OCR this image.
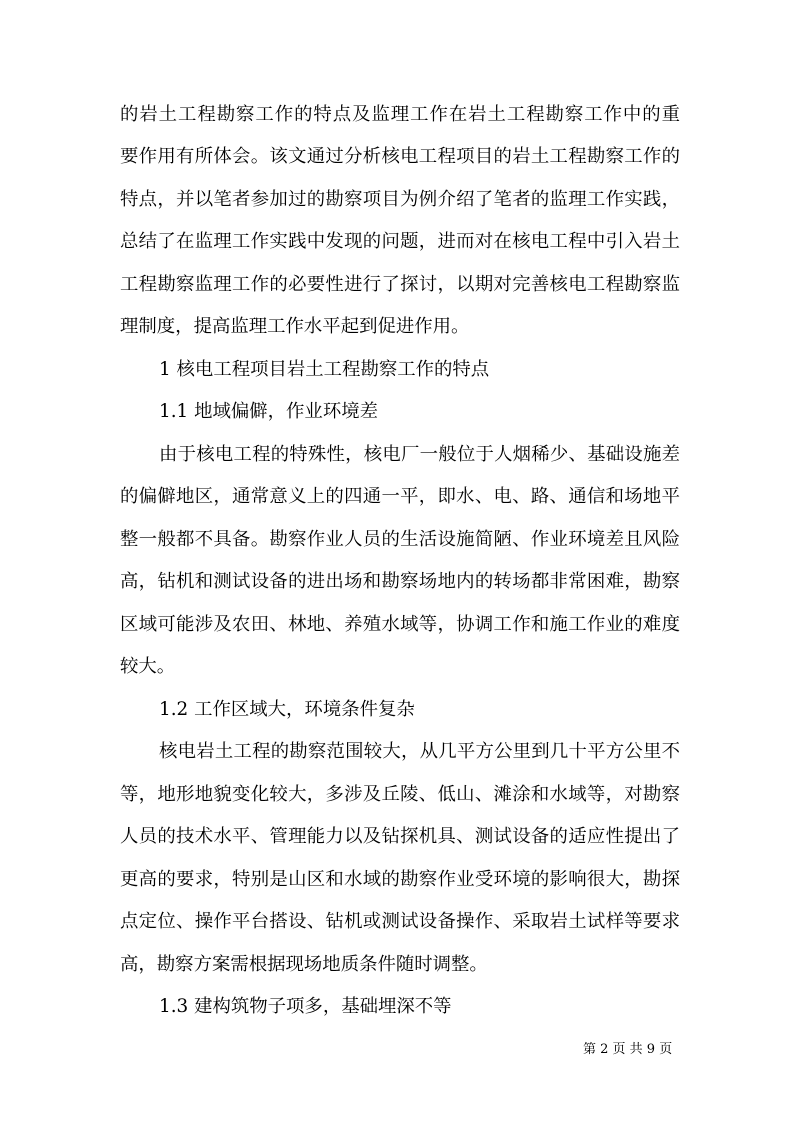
的岩土工程勘察工作的特点及监理工作在岩土工程勘察工作中的重
要作用有所体会。该文通过分析核电工程项目的岩土工程勘察工作的
特点，并以笔者参加过的勘察项目为例介绍了笔者的监理工作实践，
总结了在监理工作实践中发现的问题，进而对在核电工程中引入岩土
工程勘察监理工作的必要性进行了探讨，以期对完善核电工程勘察监
理制度，提高监理工作水平起到促进作用。
1 核电工程项目岩土工程勘察工作的特点
1.1 地域偏僻，作业环境差
由于核电工程的特殊性，核电厂一般位于人烟稀少、基础设施差
的偏僻地区，通常意义上的四通一平，即水、电、路、通信和场地平
整一般都不具备。勘察作业人员的生活设施简陋、作业环境差且风险
高，钻机和测试设备的进出场和勘察场地内的转场都非常困难，勘察
区域可能涉及农田、林地、养殖水域等，协调工作和施工作业的难度
较大。
1.2 工作区域大，环境条件复杂
核电岩土工程的勘察范围较大，从几平方公里到几十平方公里不
等，地形地貌变化较大，多涉及丘陵、低山、滩涂和水域等，对勘察
人员的技术水平、管理能力以及钻探机具、测试设备的适应性提出了
更高的要求，特别是山区和水域的勘察作业受环境的影响很大，勘探
点定位、操作平台搭设、钻机或测试设备操作、采取岩土试样等要求
高，勘察方案需根据现场地质条件随时调整。
第 2 页 共 9 页
1.3 建构筑物子项多，基础埋深不等
